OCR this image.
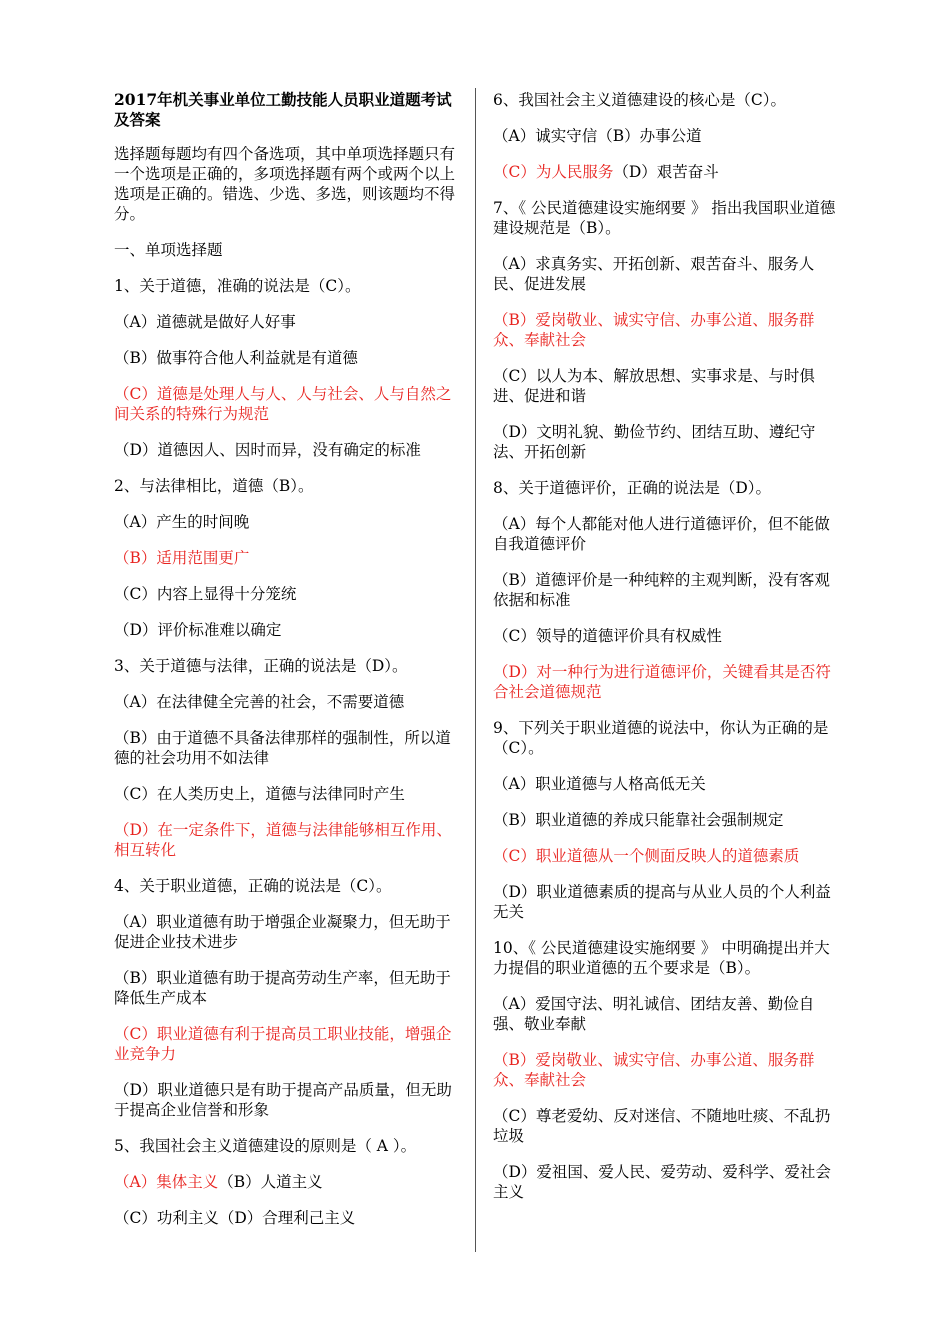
2017年机关事业单位工勤技能人员职业道题考试及答案

选择题每题均有四个备选项，其中单项选择题只有一个选项是正确的，多项选择题有两个或两个以上选项是正确的。错选、少选、多选，则该题均不得分。

一、单项选择题

1、关于道德，准确的说法是（C）。

（A）道德就是做好人好事

（B）做事符合他人利益就是有道德

（C）道德是处理人与人、人与社会、人与自然之间关系的特殊行为规范

（D）道德因人、因时而异，没有确定的标准

2、与法律相比，道德（B）。

（A）产生的时间晚

（B）适用范围更广

（C）内容上显得十分笼统

（D）评价标准难以确定

3、关于道德与法律，正确的说法是（D）。

（A）在法律健全完善的社会，不需要道德

（B）由于道德不具备法律那样的强制性，所以道德的社会功用不如法律

（C）在人类历史上，道德与法律同时产生

（D）在一定条件下，道德与法律能够相互作用、相互转化

4、关于职业道德，正确的说法是（C）。

（A）职业道德有助于增强企业凝聚力，但无助于促进企业技术进步

（B）职业道德有助于提高劳动生产率，但无助于降低生产成本

（C）职业道德有利于提高员工职业技能，增强企业竞争力

（D）职业道德只是有助于提高产品质量，但无助于提高企业信誉和形象

5、我国社会主义道德建设的原则是（ A ）。

（A）集体主义（B）人道主义

（C）功利主义（D）合理利己主义

6、我国社会主义道德建设的核心是（C）。

（A）诚实守信（B）办事公道

（C）为人民服务（D）艰苦奋斗

7、《 公民道德建设实施纲要 》 指出我国职业道德建设规范是（B）。

（A）求真务实、开拓创新、艰苦奋斗、服务人民、促进发展

（B）爱岗敬业、诚实守信、办事公道、服务群众、奉献社会

（C）以人为本、解放思想、实事求是、与时俱进、促进和谐

（D）文明礼貌、勤俭节约、团结互助、遵纪守法、开拓创新

8、关于道德评价，正确的说法是（D）。

（A）每个人都能对他人进行道德评价，但不能做自我道德评价

（B）道德评价是一种纯粹的主观判断，没有客观依据和标准

（C）领导的道德评价具有权威性

（D）对一种行为进行道德评价，关键看其是否符合社会道德规范

9、下列关于职业道德的说法中，你认为正确的是（C）。

（A）职业道德与人格高低无关

（B）职业道德的养成只能靠社会强制规定

（C）职业道德从一个侧面反映人的道德素质

（D）职业道德素质的提高与从业人员的个人利益无关

10、《 公民道德建设实施纲要 》 中明确提出并大力提倡的职业道德的五个要求是（B）。

（A）爱国守法、明礼诚信、团结友善、勤俭自强、敬业奉献

（B）爱岗敬业、诚实守信、办事公道、服务群众、奉献社会

（C）尊老爱幼、反对迷信、不随地吐痰、不乱扔垃圾

（D）爱祖国、爱人民、爱劳动、爱科学、爱社会主义
